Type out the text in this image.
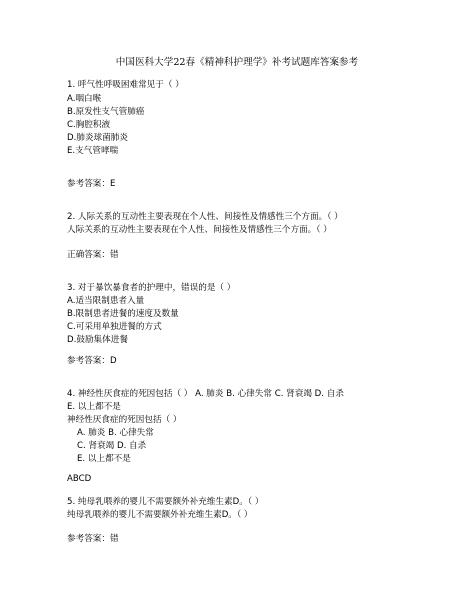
中国医科大学22春《精神科护理学》补考试题库答案参考
1. 呼气性呼吸困难常见于（ ）
A.咽白喉
B.原发性支气管肺癌
C.胸腔积液
D.肺炎球菌肺炎
E.支气管哮喘
参考答案：E
2. 人际关系的互动性主要表现在个人性、间接性及情感性三个方面。（ ）
人际关系的互动性主要表现在个人性、间接性及情感性三个方面。（ ）
正确答案：错
3. 对于暴饮暴食者的护理中，错误的是（ ）
A.适当限制患者入量
B.限制患者进餐的速度及数量
C.可采用单独进餐的方式
D.鼓励集体进餐
参考答案：D
4. 神经性厌食症的死因包括（ ） A. 肺炎 B. 心律失常 C. 肾衰竭 D. 自杀
E. 以上都不是
神经性厌食症的死因包括（ ）
A. 肺炎 B. 心律失常
C. 肾衰竭 D. 自杀
E. 以上都不是
ABCD
5. 纯母乳喂养的婴儿不需要额外补充维生素D。（ ）
纯母乳喂养的婴儿不需要额外补充维生素D。（ ）
参考答案：错
